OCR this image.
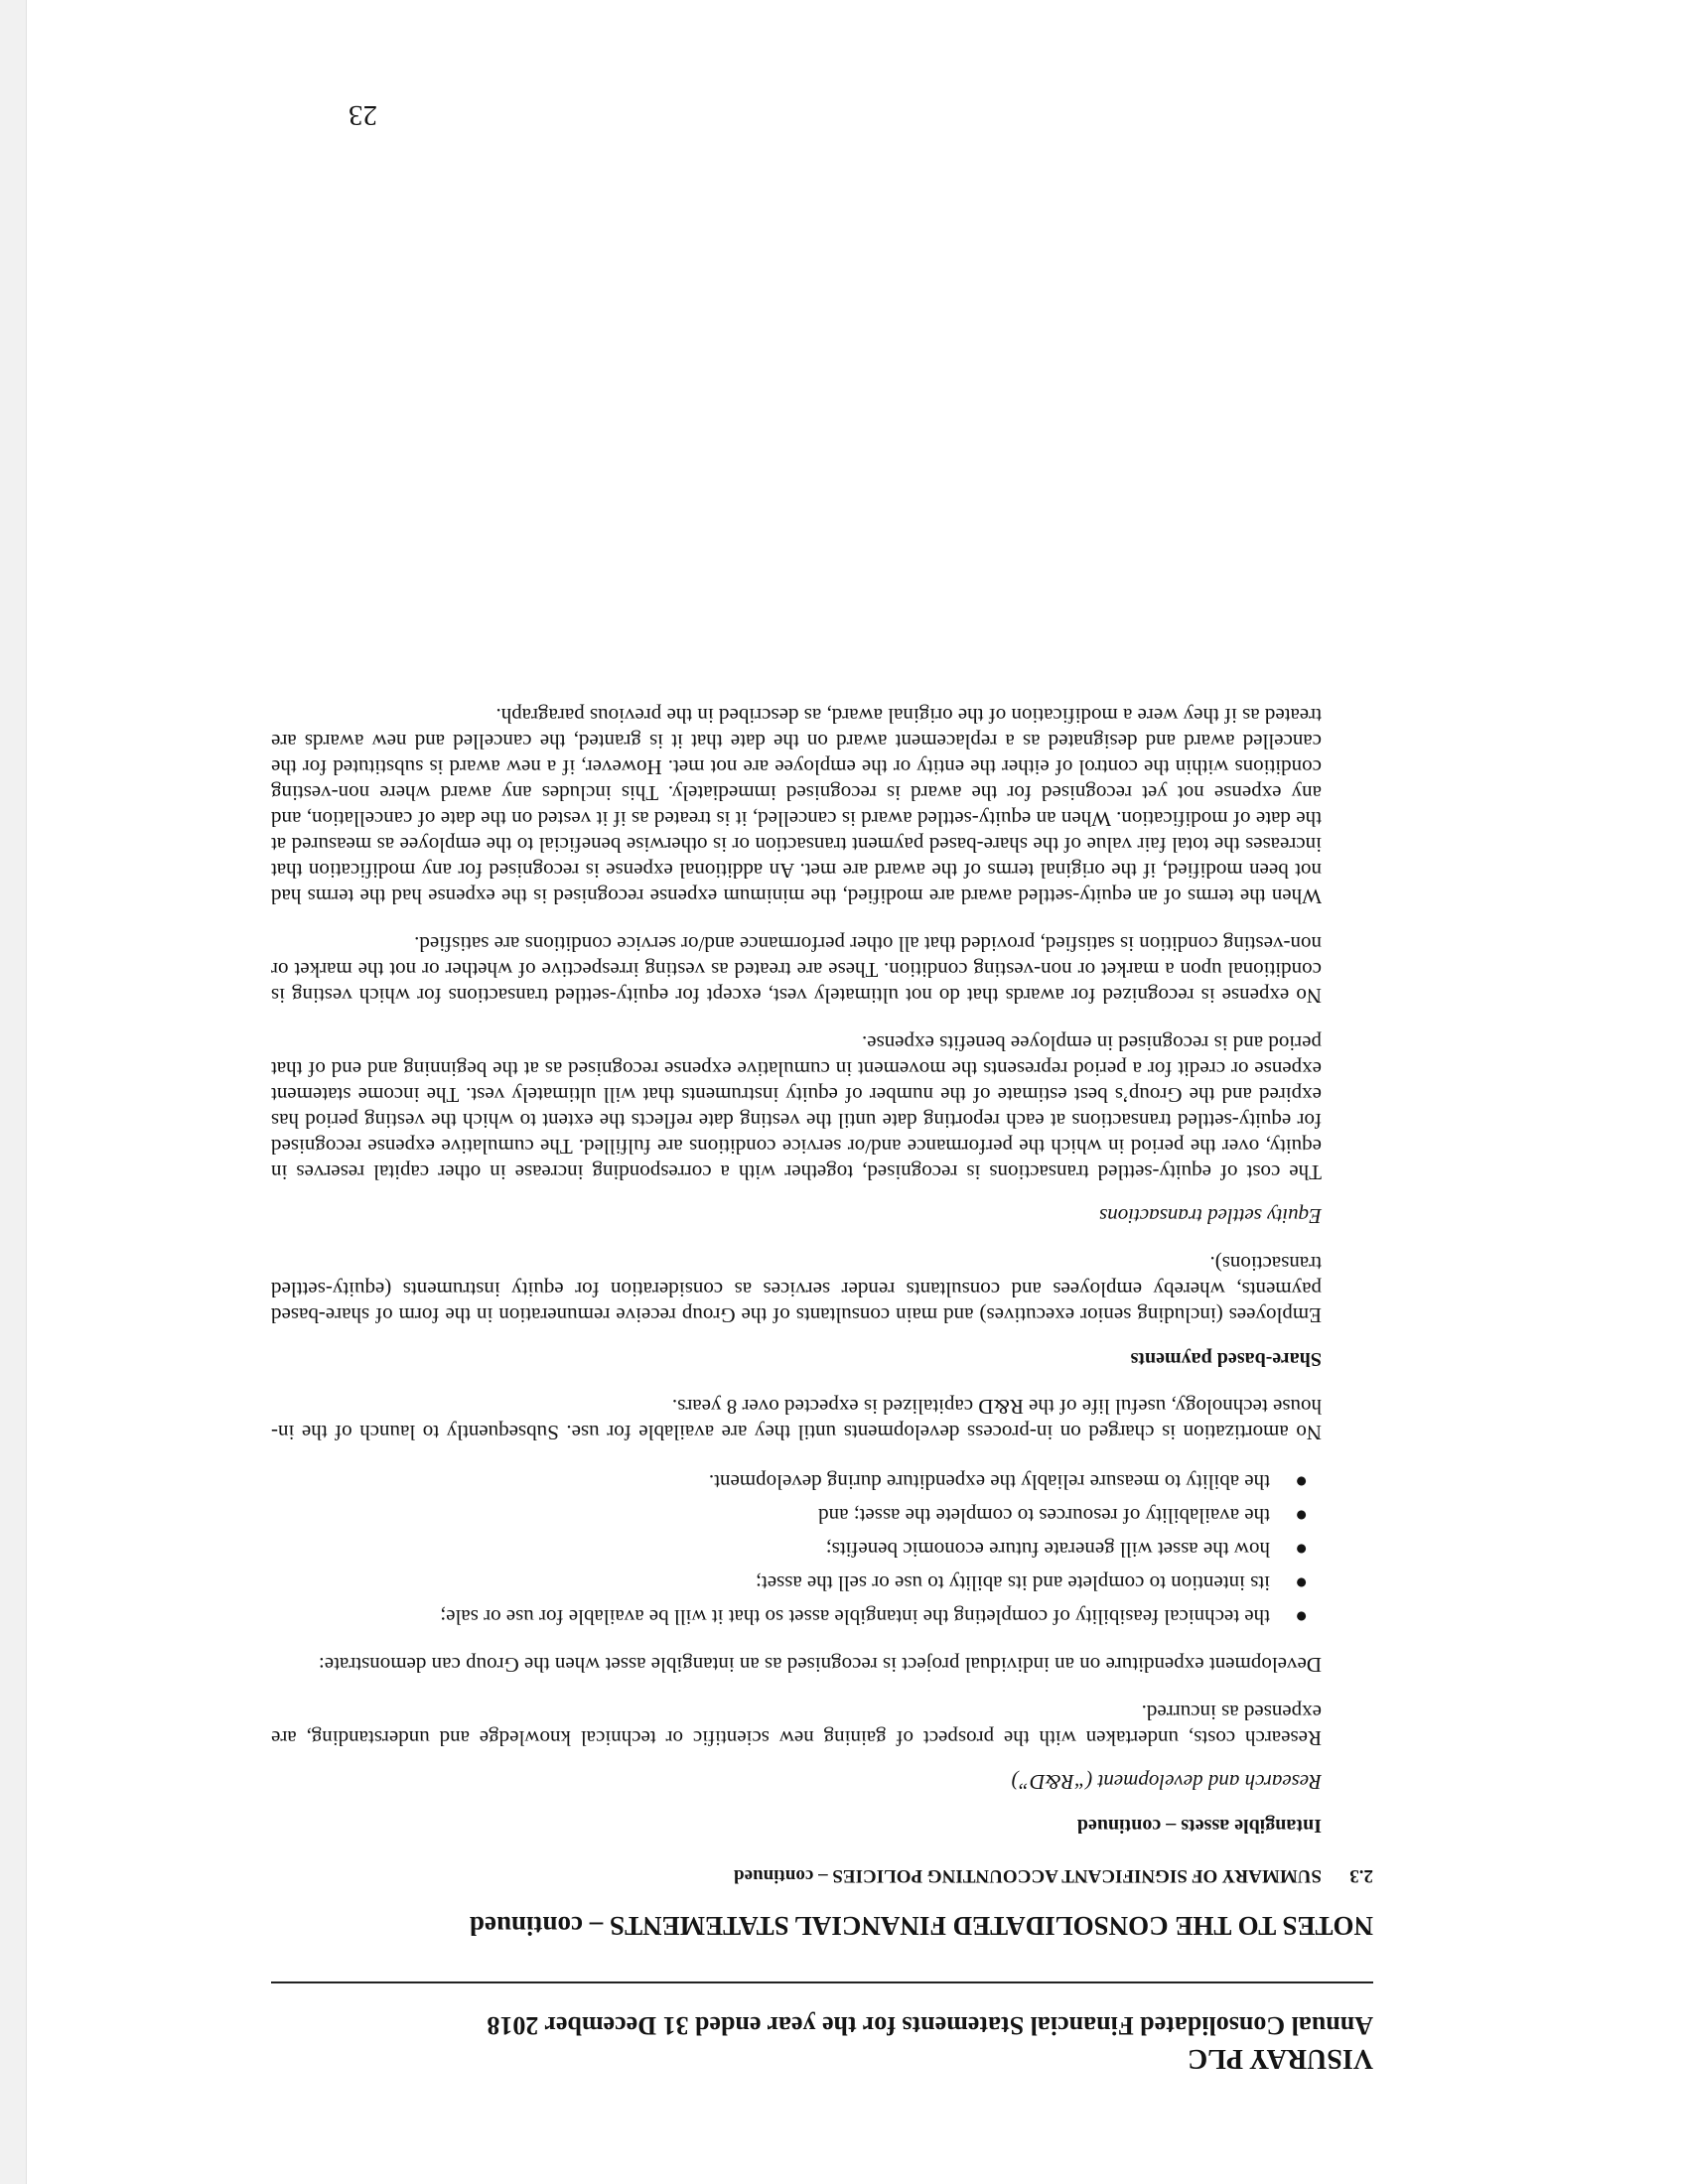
VISURAY PLC
Annual Consolidated Financial Statements for the year ended 31 December 2018
NOTES TO THE CONSOLIDATED FINANCIAL STATEMENTS – continued
2.3
SUMMARY OF SIGNIFICANT ACCOUNTING POLICIES – continued
Intangible assets – continued
Research and development (“R&D”)

Research costs, undertaken with the prospect of gaining new scientific or technical knowledge and understanding, are expensed as incurred.

Development expenditure on an individual project is recognised as an intangible asset when the Group can demonstrate:

●
the technical feasibility of completing the intangible asset so that it will be available for use or sale;
●
its intention to complete and its ability to use or sell the asset;
●
how the asset will generate future economic benefits;
●
the availability of resources to complete the asset; and
●
the ability to measure reliably the expenditure during development.

No amortization is charged on in-process developments until they are available for use. Subsequently to launch of the in-house technology, useful life of the R&D capitalized is expected over 8 years.

Share-based payments

Employees (including senior executives) and main consultants of the Group receive remuneration in the form of share-based payments, whereby employees and consultants render services as consideration for equity instruments (equity-settled transactions).

Equity settled transactions

The cost of equity-settled transactions is recognised, together with a corresponding increase in other capital reserves in equity, over the period in which the performance and/or service conditions are fulfilled. The cumulative expense recognised for equity-settled transactions at each reporting date until the vesting date reflects the extent to which the vesting period has expired and the Group’s best estimate of the number of equity instruments that will ultimately vest. The income statement expense or credit for a period represents the movement in cumulative expense recognised as at the beginning and end of that period and is recognised in employee benefits expense.

No expense is recognized for awards that do not ultimately vest, except for equity-settled transactions for which vesting is conditional upon a market or non-vesting condition. These are treated as vesting irrespective of whether or not the market or non-vesting condition is satisfied, provided that all other performance and/or service conditions are satisfied.

When the terms of an equity-settled award are modified, the minimum expense recognised is the expense had the terms had not been modified, if the original terms of the award are met. An additional expense is recognised for any modification that increases the total fair value of the share-based payment transaction or is otherwise beneficial to the employee as measured at the date of modification. When an equity-settled award is cancelled, it is treated as if it vested on the date of cancellation, and any expense not yet recognised for the award is recognised immediately. This includes any award where non-vesting conditions within the control of either the entity or the employee are not met. However, if a new award is substituted for the cancelled award and designated as a replacement award on the date that it is granted, the cancelled and new awards are treated as if they were a modification of the original award, as described in the previous paragraph.

23
